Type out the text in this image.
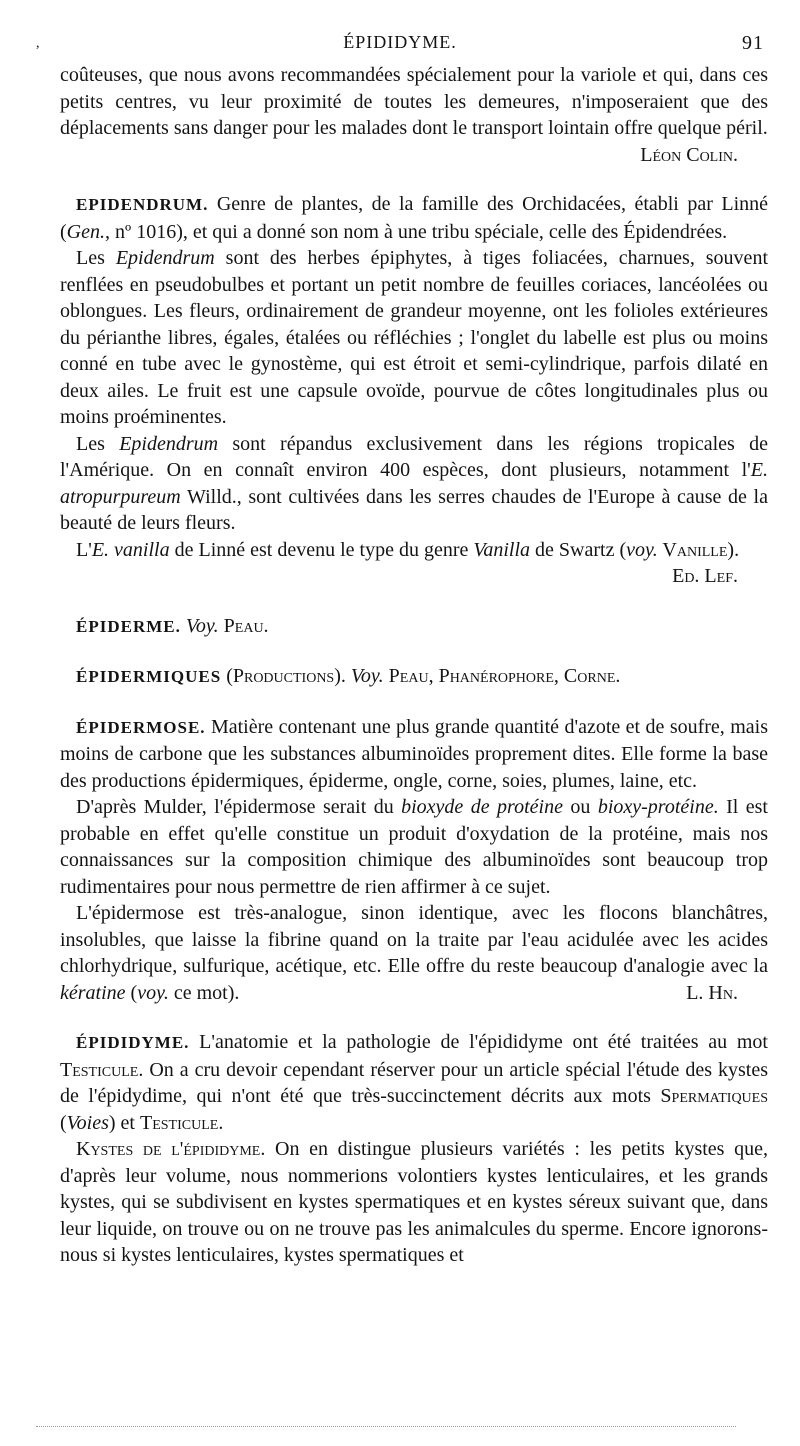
,	ÉPIDIDYME.	91

coûteuses, que nous avons recommandées spécialement pour la variole et qui, dans ces petits centres, vu leur proximité de toutes les demeures, n'imposeraient que des déplacements sans danger pour les malades dont le transport lointain offre quelque péril.
Léon Colin.

EPIDENDRUM. Genre de plantes, de la famille des Orchidacées, établi par Linné (Gen., nº 1016), et qui a donné son nom à une tribu spéciale, celle des Épidendrées.

Les Epidendrum sont des herbes épiphytes, à tiges foliacées, charnues, souvent renflées en pseudobulbes et portant un petit nombre de feuilles coriaces, lancéolées ou oblongues. Les fleurs, ordinairement de grandeur moyenne, ont les folioles extérieures du périanthe libres, égales, étalées ou réfléchies ; l'onglet du labelle est plus ou moins conné en tube avec le gynostème, qui est étroit et semi-cylindrique, parfois dilaté en deux ailes. Le fruit est une capsule ovoïde, pourvue de côtes longitudinales plus ou moins proéminentes.

Les Epidendrum sont répandus exclusivement dans les régions tropicales de l'Amérique. On en connaît environ 400 espèces, dont plusieurs, notamment l'E. atropurpureum Willd., sont cultivées dans les serres chaudes de l'Europe à cause de la beauté de leurs fleurs.

L'E. vanilla de Linné est devenu le type du genre Vanilla de Swartz (voy. Vanille).
Ed. Lef.

ÉPIDERME. Voy. Peau.

ÉPIDERMIQUES (Productions). Voy. Peau, Phanérophore, Corne.

ÉPIDERMOSE. Matière contenant une plus grande quantité d'azote et de soufre, mais moins de carbone que les substances albuminoïdes proprement dites. Elle forme la base des productions épidermiques, épiderme, ongle, corne, soies, plumes, laine, etc.

D'après Mulder, l'épidermose serait du bioxyde de protéine ou bioxy-protéine. Il est probable en effet qu'elle constitue un produit d'oxydation de la protéine, mais nos connaissances sur la composition chimique des albuminoïdes sont beaucoup trop rudimentaires pour nous permettre de rien affirmer à ce sujet.

L'épidermose est très-analogue, sinon identique, avec les flocons blanchâtres, insolubles, que laisse la fibrine quand on la traite par l'eau acidulée avec les acides chlorhydrique, sulfurique, acétique, etc. Elle offre du reste beaucoup d'analogie avec la kératine (voy. ce mot).	L. Hn.

ÉPIDIDYME. L'anatomie et la pathologie de l'épididyme ont été traitées au mot Testicule. On a cru devoir cependant réserver pour un article spécial l'étude des kystes de l'épidydime, qui n'ont été que très-succinctement décrits aux mots Spermatiques (Voies) et Testicule.

Kystes de l'épididyme. On en distingue plusieurs variétés : les petits kystes que, d'après leur volume, nous nommerions volontiers kystes lenticulaires, et les grands kystes, qui se subdivisent en kystes spermatiques et en kystes séreux suivant que, dans leur liquide, on trouve ou on ne trouve pas les animalcules du sperme. Encore ignorons-nous si kystes lenticulaires, kystes spermatiques et
